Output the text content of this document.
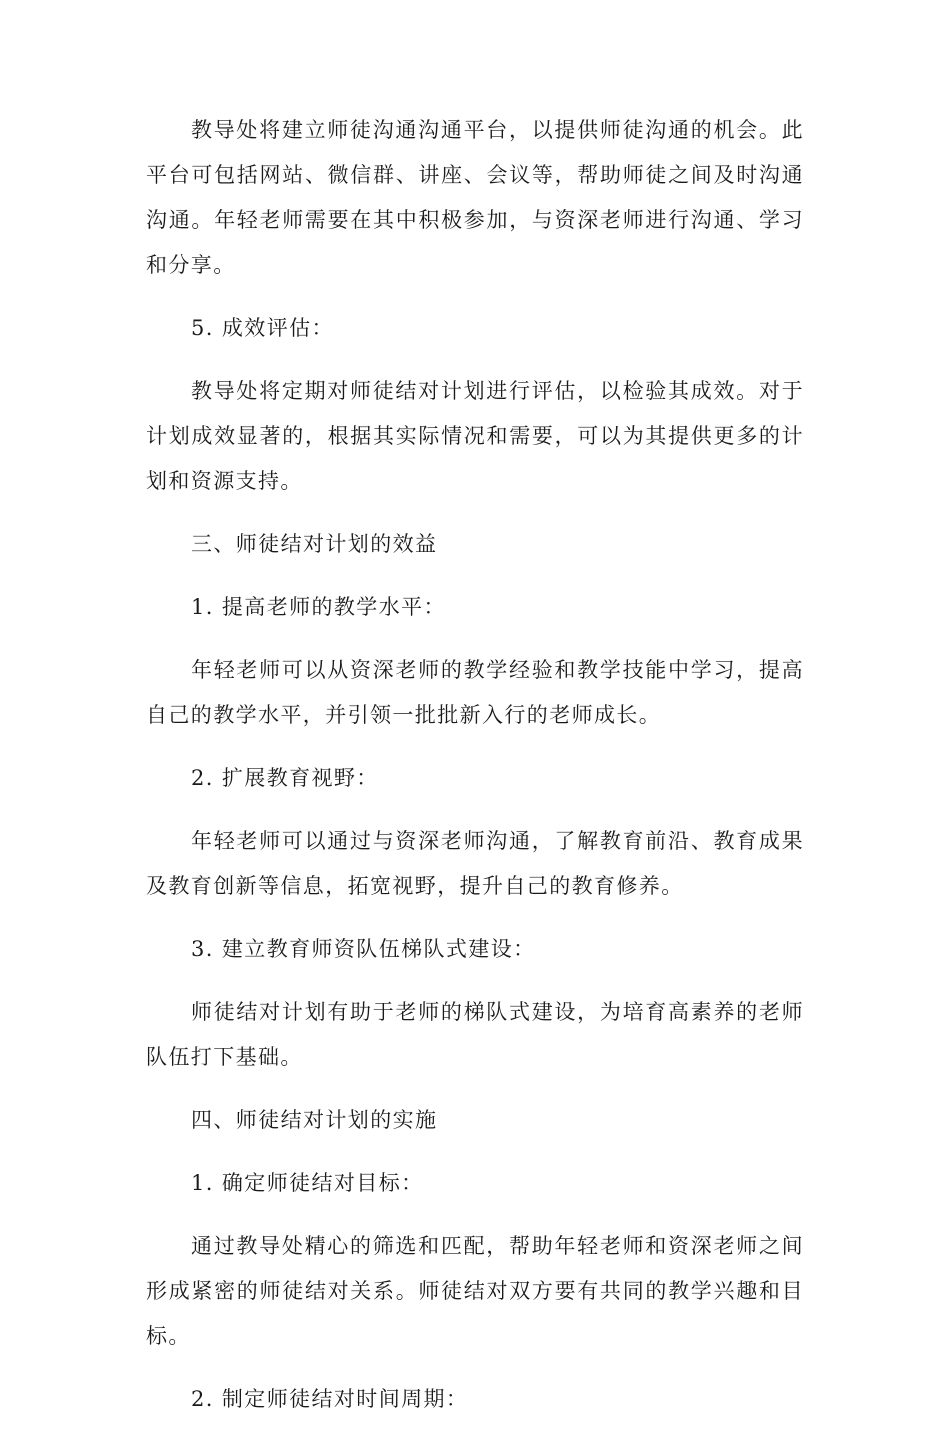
教导处将建立师徒沟通沟通平台，以提供师徒沟通的机会。此平台可包括网站、微信群、讲座、会议等，帮助师徒之间及时沟通沟通。年轻老师需要在其中积极参加，与资深老师进行沟通、学习和分享。

5. 成效评估：

教导处将定期对师徒结对计划进行评估，以检验其成效。对于计划成效显著的，根据其实际情况和需要，可以为其提供更多的计划和资源支持。

三、师徒结对计划的效益

1. 提高老师的教学水平：

年轻老师可以从资深老师的教学经验和教学技能中学习，提高自己的教学水平，并引领一批批新入行的老师成长。

2. 扩展教育视野：

年轻老师可以通过与资深老师沟通，了解教育前沿、教育成果及教育创新等信息，拓宽视野，提升自己的教育修养。

3. 建立教育师资队伍梯队式建设：

师徒结对计划有助于老师的梯队式建设，为培育高素养的老师队伍打下基础。

四、师徒结对计划的实施

1. 确定师徒结对目标：

通过教导处精心的筛选和匹配，帮助年轻老师和资深老师之间形成紧密的师徒结对关系。师徒结对双方要有共同的教学兴趣和目标。

2. 制定师徒结对时间周期：
